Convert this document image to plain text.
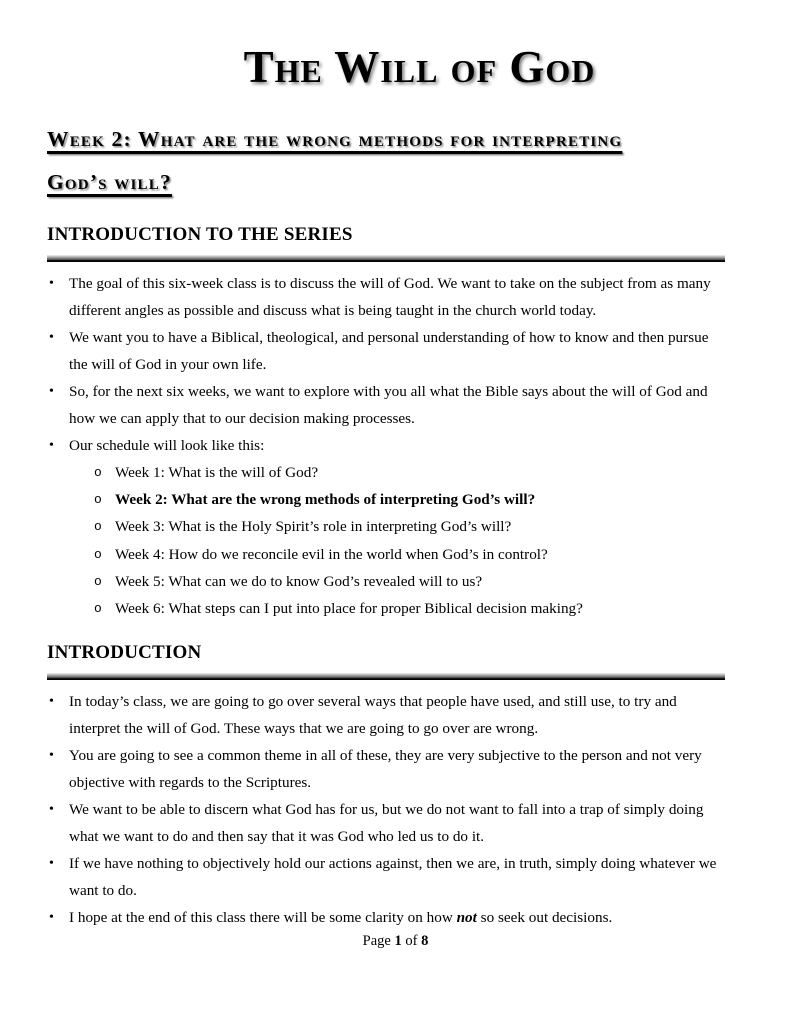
The Will of God
Week 2: What are the wrong methods for interpreting
God’s will?
INTRODUCTION TO THE SERIES
• The goal of this six-week class is to discuss the will of God. We want to take on the subject from as many
different angles as possible and discuss what is being taught in the church world today.
• We want you to have a Biblical, theological, and personal understanding of how to know and then pursue
the will of God in your own life.
• So, for the next six weeks, we want to explore with you all what the Bible says about the will of God and
how we can apply that to our decision making processes.
• Our schedule will look like this:
o Week 1: What is the will of God?
o Week 2: What are the wrong methods of interpreting God’s will?
o Week 3: What is the Holy Spirit’s role in interpreting God’s will?
o Week 4: How do we reconcile evil in the world when God’s in control?
o Week 5: What can we do to know God’s revealed will to us?
o Week 6: What steps can I put into place for proper Biblical decision making?
INTRODUCTION
• In today’s class, we are going to go over several ways that people have used, and still use, to try and
interpret the will of God. These ways that we are going to go over are wrong.
• You are going to see a common theme in all of these, they are very subjective to the person and not very
objective with regards to the Scriptures.
• We want to be able to discern what God has for us, but we do not want to fall into a trap of simply doing
what we want to do and then say that it was God who led us to do it.
• If we have nothing to objectively hold our actions against, then we are, in truth, simply doing whatever we
want to do.
• I hope at the end of this class there will be some clarity on how not so seek out decisions.
Page 1 of 8
